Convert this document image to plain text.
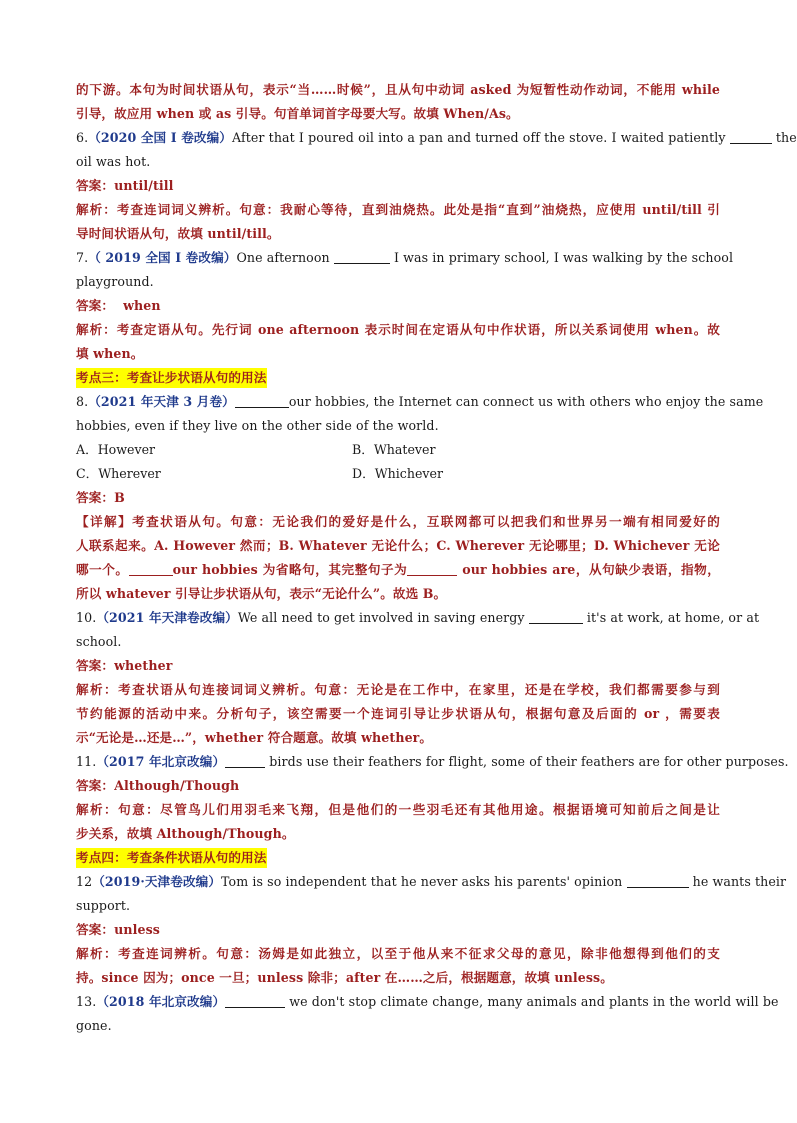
的下游。本句为时间状语从句，表示“当……时候”，且从句中动词 asked 为短暂性动作动词，不能用 while
引导，故应用 when 或 as 引导。句首单词首字母要大写。故填 When/As。
6.（2020 全国 I 卷改编）After that I poured oil into a pan and turned off the stove. I waited patiently	the
oil was hot.
答案：until/till
解析：考查连词词义辨析。句意：我耐心等待，直到油烧热。此处是指“直到”油烧热，应使用 until/till 引
导时间状语从句，故填 until/till。
7.（ 2019 全国 I 卷改编）One afternoon	I was in primary school, I was walking by the school
playground.
答案： when
解析：考查定语从句。先行词 one afternoon 表示时间在定语从句中作状语，所以关系词使用 when。故
填 when。
考点三：考查让步状语从句的用法
8.（2021 年天津 3 月卷）	our hobbies, the Internet can connect us with others who enjoy the same
hobbies, even if they live on the other side of the world.
A．However	B．Whatever
C．Wherever	D．Whichever
答案：B
【详解】考查状语从句。句意：无论我们的爱好是什么，互联网都可以把我们和世界另一端有相同爱好的
人联系起来。A. However 然而；B. Whatever 无论什么；C. Wherever 无论哪里；D. Whichever 无论
哪一个。	our hobbies 为省略句，其完整句子为	our hobbies are，从句缺少表语，指物，
所以 whatever 引导让步状语从句，表示“无论什么”。故选 B。
10.（2021 年天津卷改编）We all need to get involved in saving energy	it's at work, at home, or at
school.
答案：whether
解析：考查状语从句连接词词义辨析。句意：无论是在工作中，在家里，还是在学校，我们都需要参与到
节约能源的活动中来。分析句子，该空需要一个连词引导让步状语从句，根据句意及后面的 or ，需要表
示“无论是…还是…”，whether 符合题意。故填 whether。
11.（2017 年北京改编）	birds use their feathers for flight, some of their feathers are for other purposes.
答案：Although/Though
解析：句意：尽管鸟儿们用羽毛来飞翔，但是他们的一些羽毛还有其他用途。根据语境可知前后之间是让
步关系，故填 Although/Though。
考点四：考查条件状语从句的用法
12（2019·天津卷改编）Tom is so independent that he never asks his parents' opinion	he wants their
support.
答案：unless
解析：考查连词辨析。句意：汤姆是如此独立，以至于他从来不征求父母的意见，除非他想得到他们的支
持。since 因为；once 一旦；unless 除非；after 在……之后，根据题意，故填 unless。
13.（2018 年北京改编）	we don't stop climate change, many animals and plants in the world will be
gone.
